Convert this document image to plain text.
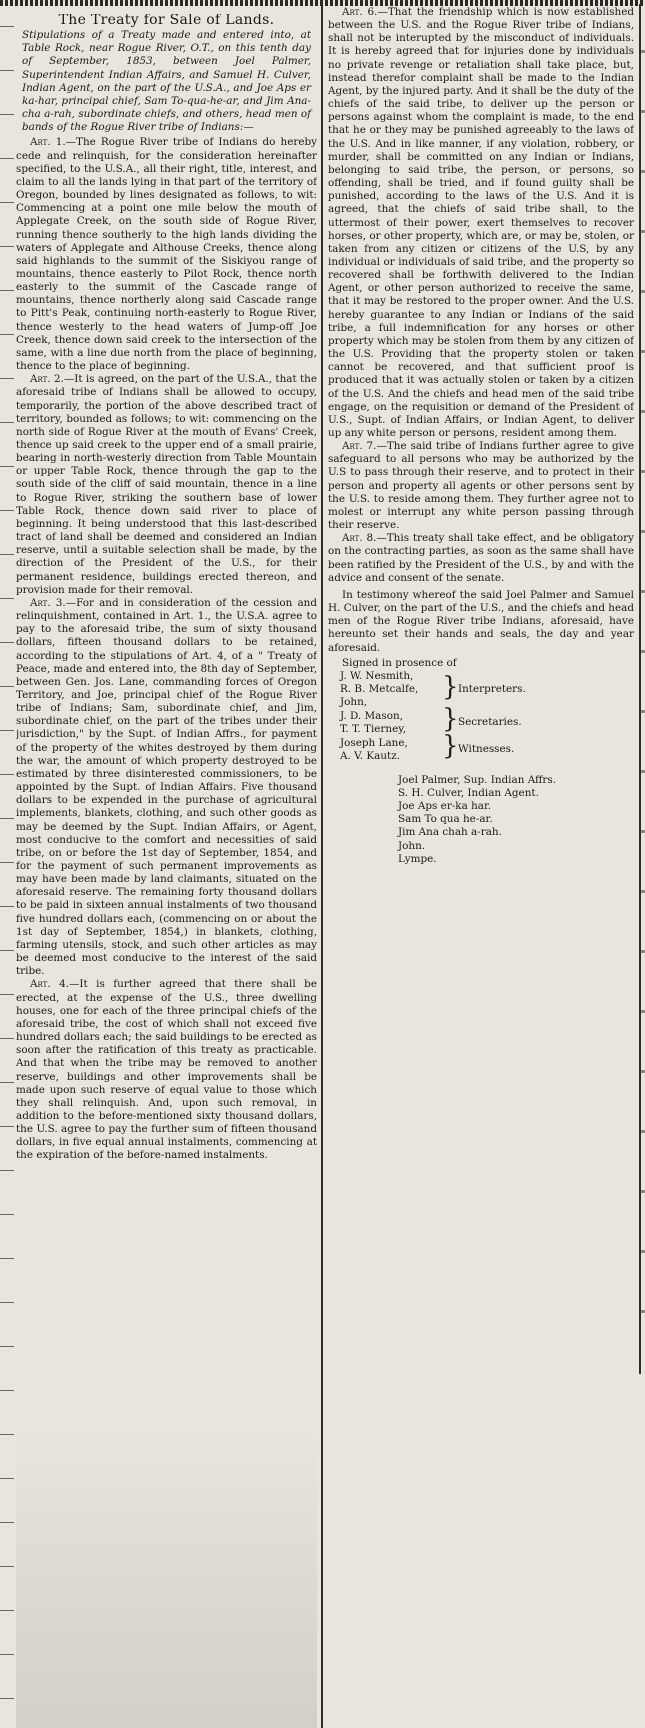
The Treaty for Sale of Lands.
Stipulations of a Treaty made and entered into, at Table Rock, near Rogue River, O.T., on this tenth day of September, 1853, between Joel Palmer, Superintendent Indian Affairs, and Samuel H. Culver, Indian Agent, on the part of the U.S.A., and Joe Aps er ka-har, principal chief, Sam To-qua-he-ar, and Jim Ana-cha a-rah, subordinate chiefs, and others, head men of bands of the Rogue River tribe of Indians:—

Art. 1.—The Rogue River tribe of Indians do hereby cede and relinquish, for the consideration hereinafter specified, to the U.S.A., all their right, title, interest, and claim to all the lands lying in that part of the territory of Oregon, bounded by lines designated as follows, to wit: Commencing at a point one mile below the mouth of Applegate Creek, on the south side of Rogue River, running thence southerly to the high lands dividing the waters of Applegate and Althouse Creeks, thence along said highlands to the summit of the Siskiyou range of mountains, thence easterly to Pilot Rock, thence north easterly to the summit of the Cascade range of mountains, thence northerly along said Cascade range to Pitt's Peak, continuing north-easterly to Rogue River, thence westerly to the head waters of Jump-off Joe Creek, thence down said creek to the intersection of the same, with a line due north from the place of beginning, thence to the place of beginning.

Art. 2.—It is agreed, on the part of the U.S.A., that the aforesaid tribe of Indians shall be allowed to occupy, temporarily, the portion of the above described tract of territory, bounded as follows; to wit: commencing on the north side of Rogue River at the mouth of Evans' Creek, thence up said creek to the upper end of a small prairie, bearing in north-westerly direction from Table Mountain or upper Table Rock, thence through the gap to the south side of the cliff of said mountain, thence in a line to Rogue River, striking the southern base of lower Table Rock, thence down said river to place of beginning. It being understood that this last-described tract of land shall be deemed and considered an Indian reserve, until a suitable selection shall be made, by the direction of the President of the U.S., for their permanent residence, buildings erected thereon, and provision made for their removal.

Art. 3.—For and in consideration of the cession and relinquishment, contained in Art. 1., the U.S.A. agree to pay to the aforesaid tribe, the sum of sixty thousand dollars, fifteen thousand dollars to be retained, according to the stipulations of Art. 4, of a " Treaty of Peace, made and entered into, the 8th day of September, between Gen. Jos. Lane, commanding forces of Oregon Territory, and Joe, principal chief of the Rogue River tribe of Indians; Sam, subordinate chief, and Jim, subordinate chief, on the part of the tribes under their jurisdiction," by the Supt. of Indian Affrs., for payment of the property of the whites destroyed by them during the war, the amount of which property destroyed to be estimated by three disinterested commissioners, to be appointed by the Supt. of Indian Affairs. Five thousand dollars to be expended in the purchase of agricultural implements, blankets, clothing, and such other goods as may be deemed by the Supt. Indian Affairs, or Agent, most conducive to the comfort and necessities of said tribe, on or before the 1st day of September, 1854, and for the payment of such permanent improvements as may have been made by land claimants, situated on the aforesaid reserve. The remaining forty thousand dollars to be paid in sixteen annual instalments of two thousand five hundred dollars each, (commencing on or about the 1st day of September, 1854,) in blankets, clothing, farming utensils, stock, and such other articles as may be deemed most conducive to the interest of the said tribe.

Art. 4.—It is further agreed that there shall be erected, at the expense of the U.S., three dwelling houses, one for each of the three principal chiefs of the aforesaid tribe, the cost of which shall not exceed five hundred dollars each; the said buildings to be erected as soon after the ratification of this treaty as practicable. And that when the tribe may be removed to another reserve, buildings and other improvements shall be made upon such reserve of equal value to those which they shall relinquish. And, upon such removal, in addition to the before-mentioned sixty thousand dollars, the U.S. agree to pay the further sum of fifteen thousand dollars, in five equal annual instalments, commencing at the expiration of the before-named instalments.

Art. 6.—That the friendship which is now established between the U.S. and the Rogue River tribe of Indians, shall not be interupted by the misconduct of individuals. It is hereby agreed that for injuries done by individuals no private revenge or retaliation shall take place, but, instead therefor complaint shall be made to the Indian Agent, by the injured party. And it shall be the duty of the chiefs of the said tribe, to deliver up the person or persons against whom the complaint is made, to the end that he or they may be punished agreeably to the laws of the U.S. And in like manner, if any violation, robbery, or murder, shall be committed on any Indian or Indians, belonging to said tribe, the person, or persons, so offending, shall be tried, and if found guilty shall be punished, according to the laws of the U.S. And it is agreed, that the chiefs of said tribe shall, to the uttermost of their power, exert themselves to recover horses, or other property, which are, or may be, stolen, or taken from any citizen or citizens of the U.S, by any individual or individuals of said tribe, and the property so recovered shall be forthwith delivered to the Indian Agent, or other person authorized to receive the same, that it may be restored to the proper owner. And the U.S. hereby guarantee to any Indian or Indians of the said tribe, a full indemnification for any horses or other property which may be stolen from them by any citizen of the U.S. Providing that the property stolen or taken cannot be recovered, and that sufficient proof is produced that it was actually stolen or taken by a citizen of the U.S. And the chiefs and head men of the said tribe engage, on the requisition or demand of the President of U.S., Supt. of Indian Affairs, or Indian Agent, to deliver up any white person or persons, resident among them.

Art. 7.—The said tribe of Indians further agree to give safeguard to all persons who may be authorized by the U.S to pass through their reserve, and to protect in their person and property all agents or other persons sent by the U.S. to reside among them. They further agree not to molest or interrupt any white person passing through their reserve.

Art. 8.—This treaty shall take effect, and be obligatory on the contracting parties, as soon as the same shall have been ratified by the President of the U.S., by and with the advice and consent of the senate.

In testimony whereof the said Joel Palmer and Samuel H. Culver, on the part of the U.S., and the chiefs and head men of the Rogue River tribe Indians, aforesaid, have hereunto set their hands and seals, the day and year aforesaid.

Signed in prosence of
J. W. Nesmith,
R. B. Metcalfe,
John,	} Interpreters.
J. D. Mason,
T. T. Tierney, } Secretaries.
Joseph Lane,
A. V. Kautz. } Witnesses.
Joel Palmer, Sup. Indian Affrs.
S. H. Culver, Indian Agent.
Joe Aps er-ka har.
Sam To qua he-ar.
Jim Ana chah a-rah.
John.
Lympe.
